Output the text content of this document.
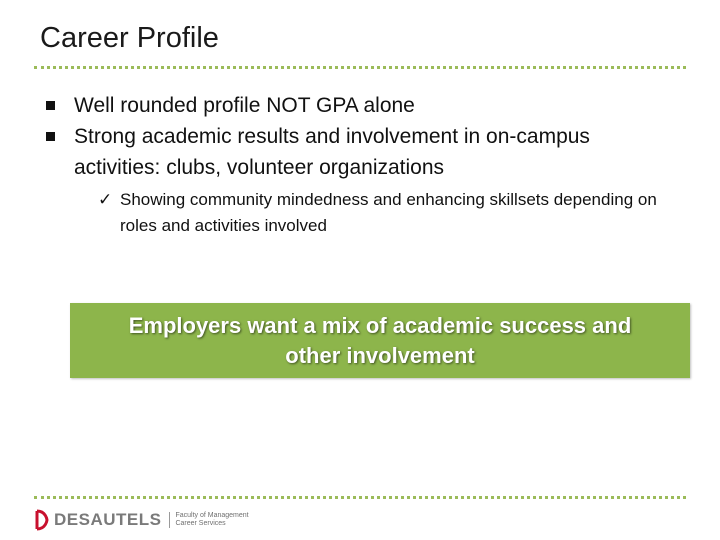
Career Profile
Well rounded profile NOT GPA alone
Strong academic results and involvement in on-campus activities: clubs, volunteer organizations
✓ Showing community mindedness and enhancing skillsets depending on roles and activities involved
Employers want a mix of academic success and other involvement
DESAUTELS Faculty of Management
Career Services
